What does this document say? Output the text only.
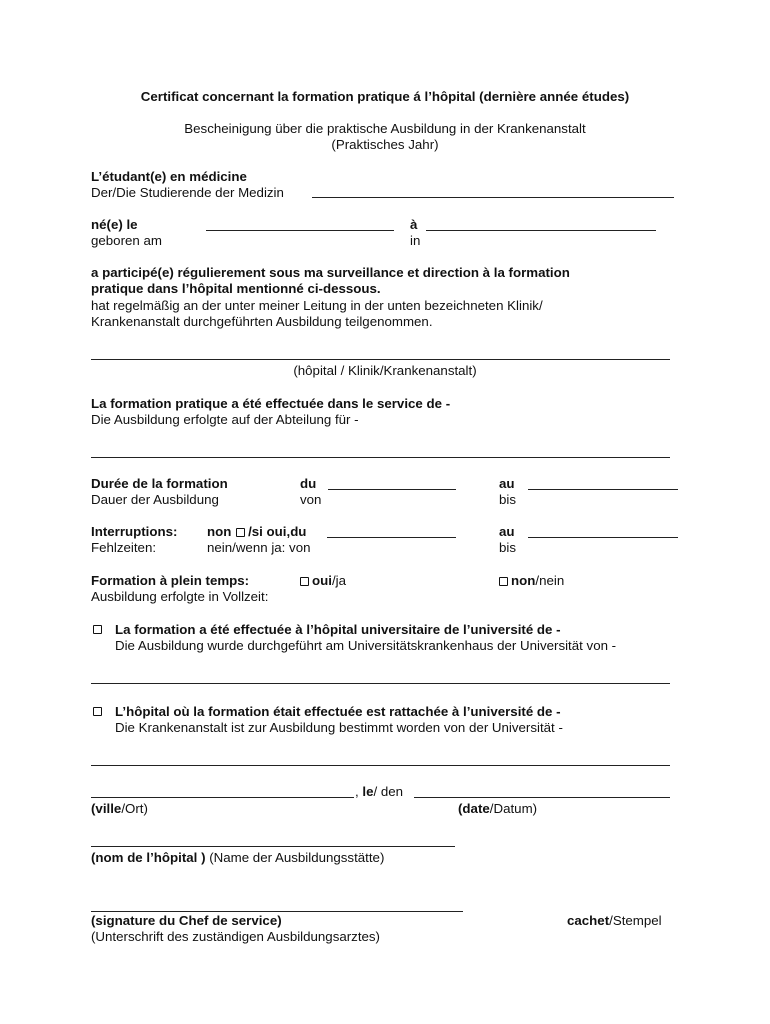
Certificat concernant la formation pratique á l’hôpital (dernière année études)
Bescheinigung über die praktische Ausbildung in der Krankenanstalt
(Praktisches Jahr)
L’étudant(e) en médicine
Der/Die Studierende der Medizin
né(e) le
geboren am
à
in
a participé(e) régulierement sous ma surveillance et direction à la formation
pratique dans l’hôpital mentionné ci-dessous.
hat regelmäßig an der unter meiner Leitung in der unten bezeichneten Klinik/
Krankenanstalt durchgeführten Ausbildung teilgenommen.
(hôpital / Klinik/Krankenanstalt)
La formation pratique a été effectuée dans le service de -
Die Ausbildung erfolgte auf der Abteilung für -
Durée de la formation
Dauer der Ausbildung
du
von
au
bis
Interruptions:
Fehlzeiten:
non /si oui,du
nein/wenn ja: von
au
bis
Formation à plein temps:
Ausbildung erfolgte in Vollzeit:
oui/ja	non/nein
La formation a été effectuée à l’hôpital universitaire de l’université de -
Die Ausbildung wurde durchgeführt am Universitätskrankenhaus der Universität von -
L’hôpital où la formation était effectuée est rattachée à l’université de -
Die Krankenanstalt ist zur Ausbildung bestimmt worden von der Universität -
, le/ den
(ville/Ort)	(date/Datum)
(nom de l’hôpital ) (Name der Ausbildungsstätte)
(signature du Chef de service)
(Unterschrift des zuständigen Ausbildungsarztes)
cachet/Stempel
